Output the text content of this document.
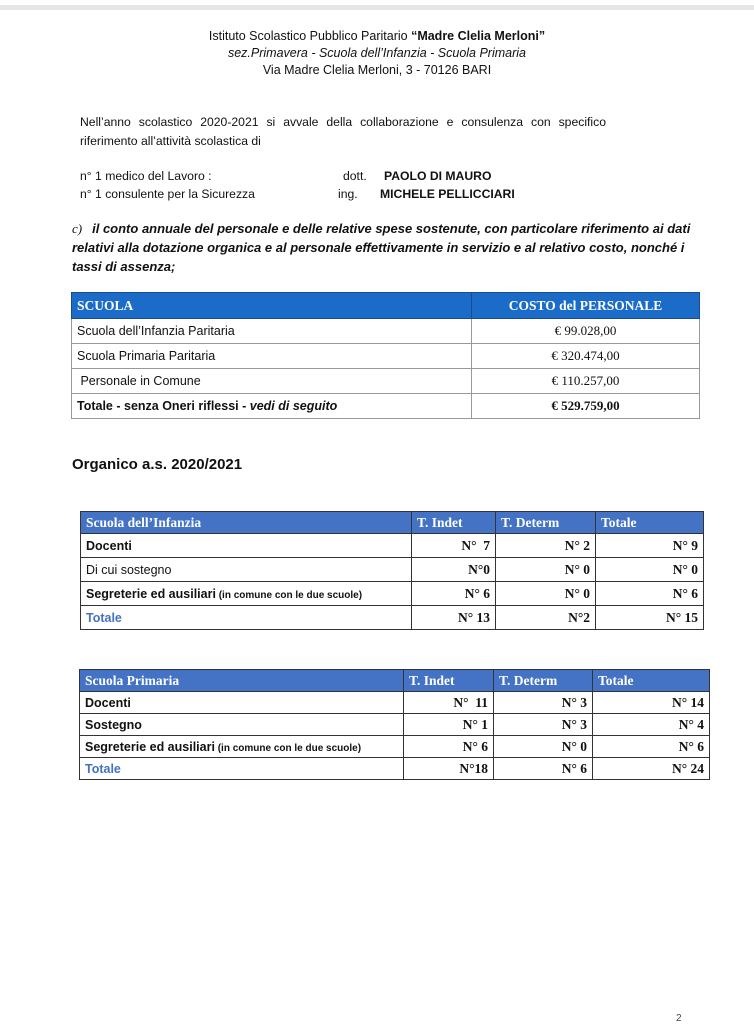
Istituto Scolastico Pubblico Paritario “Madre Clelia Merloni”
sez.Primavera - Scuola dell’Infanzia - Scuola Primaria
Via Madre Clelia Merloni, 3 - 70126 BARI
Nell’anno scolastico 2020-2021 si avvale della collaborazione e consulenza con specifico riferimento all’attività scolastica di
n° 1 medico del Lavoro :	dott. PAOLO DI MAURO
n° 1 consulente per la Sicurezza	ing. MICHELE PELLICCIARI
c) il conto annuale del personale e delle relative spese sostenute, con particolare riferimento ai dati relativi alla dotazione organica e al personale effettivamente in servizio e al relativo costo, nonché i tassi di assenza;
SCUOLA	COSTO del PERSONALE
Scuola dell’Infanzia Paritaria	€ 99.028,00
Scuola Primaria Paritaria	€ 320.474,00
Personale in Comune	€ 110.257,00
Totale - senza Oneri riflessi - vedi di seguito	€ 529.759,00
Organico a.s. 2020/2021
Scuola dell’Infanzia	T. Indet	T. Determ	Totale
Docenti	N°  7	N° 2	N° 9
Di cui sostegno	N°0	N° 0	N° 0
Segreterie ed ausiliari (in comune con le due scuole)	N° 6	N° 0	N° 6
Totale	N° 13	N°2	N° 15
Scuola Primaria	T. Indet	T. Determ	Totale
Docenti	N°  11	N° 3	N° 14
Sostegno	N° 1	N° 3	N° 4
Segreterie ed ausiliari (in comune con le due scuole)	N° 6	N° 0	N° 6
Totale	N°18	N° 6	N° 24
2
